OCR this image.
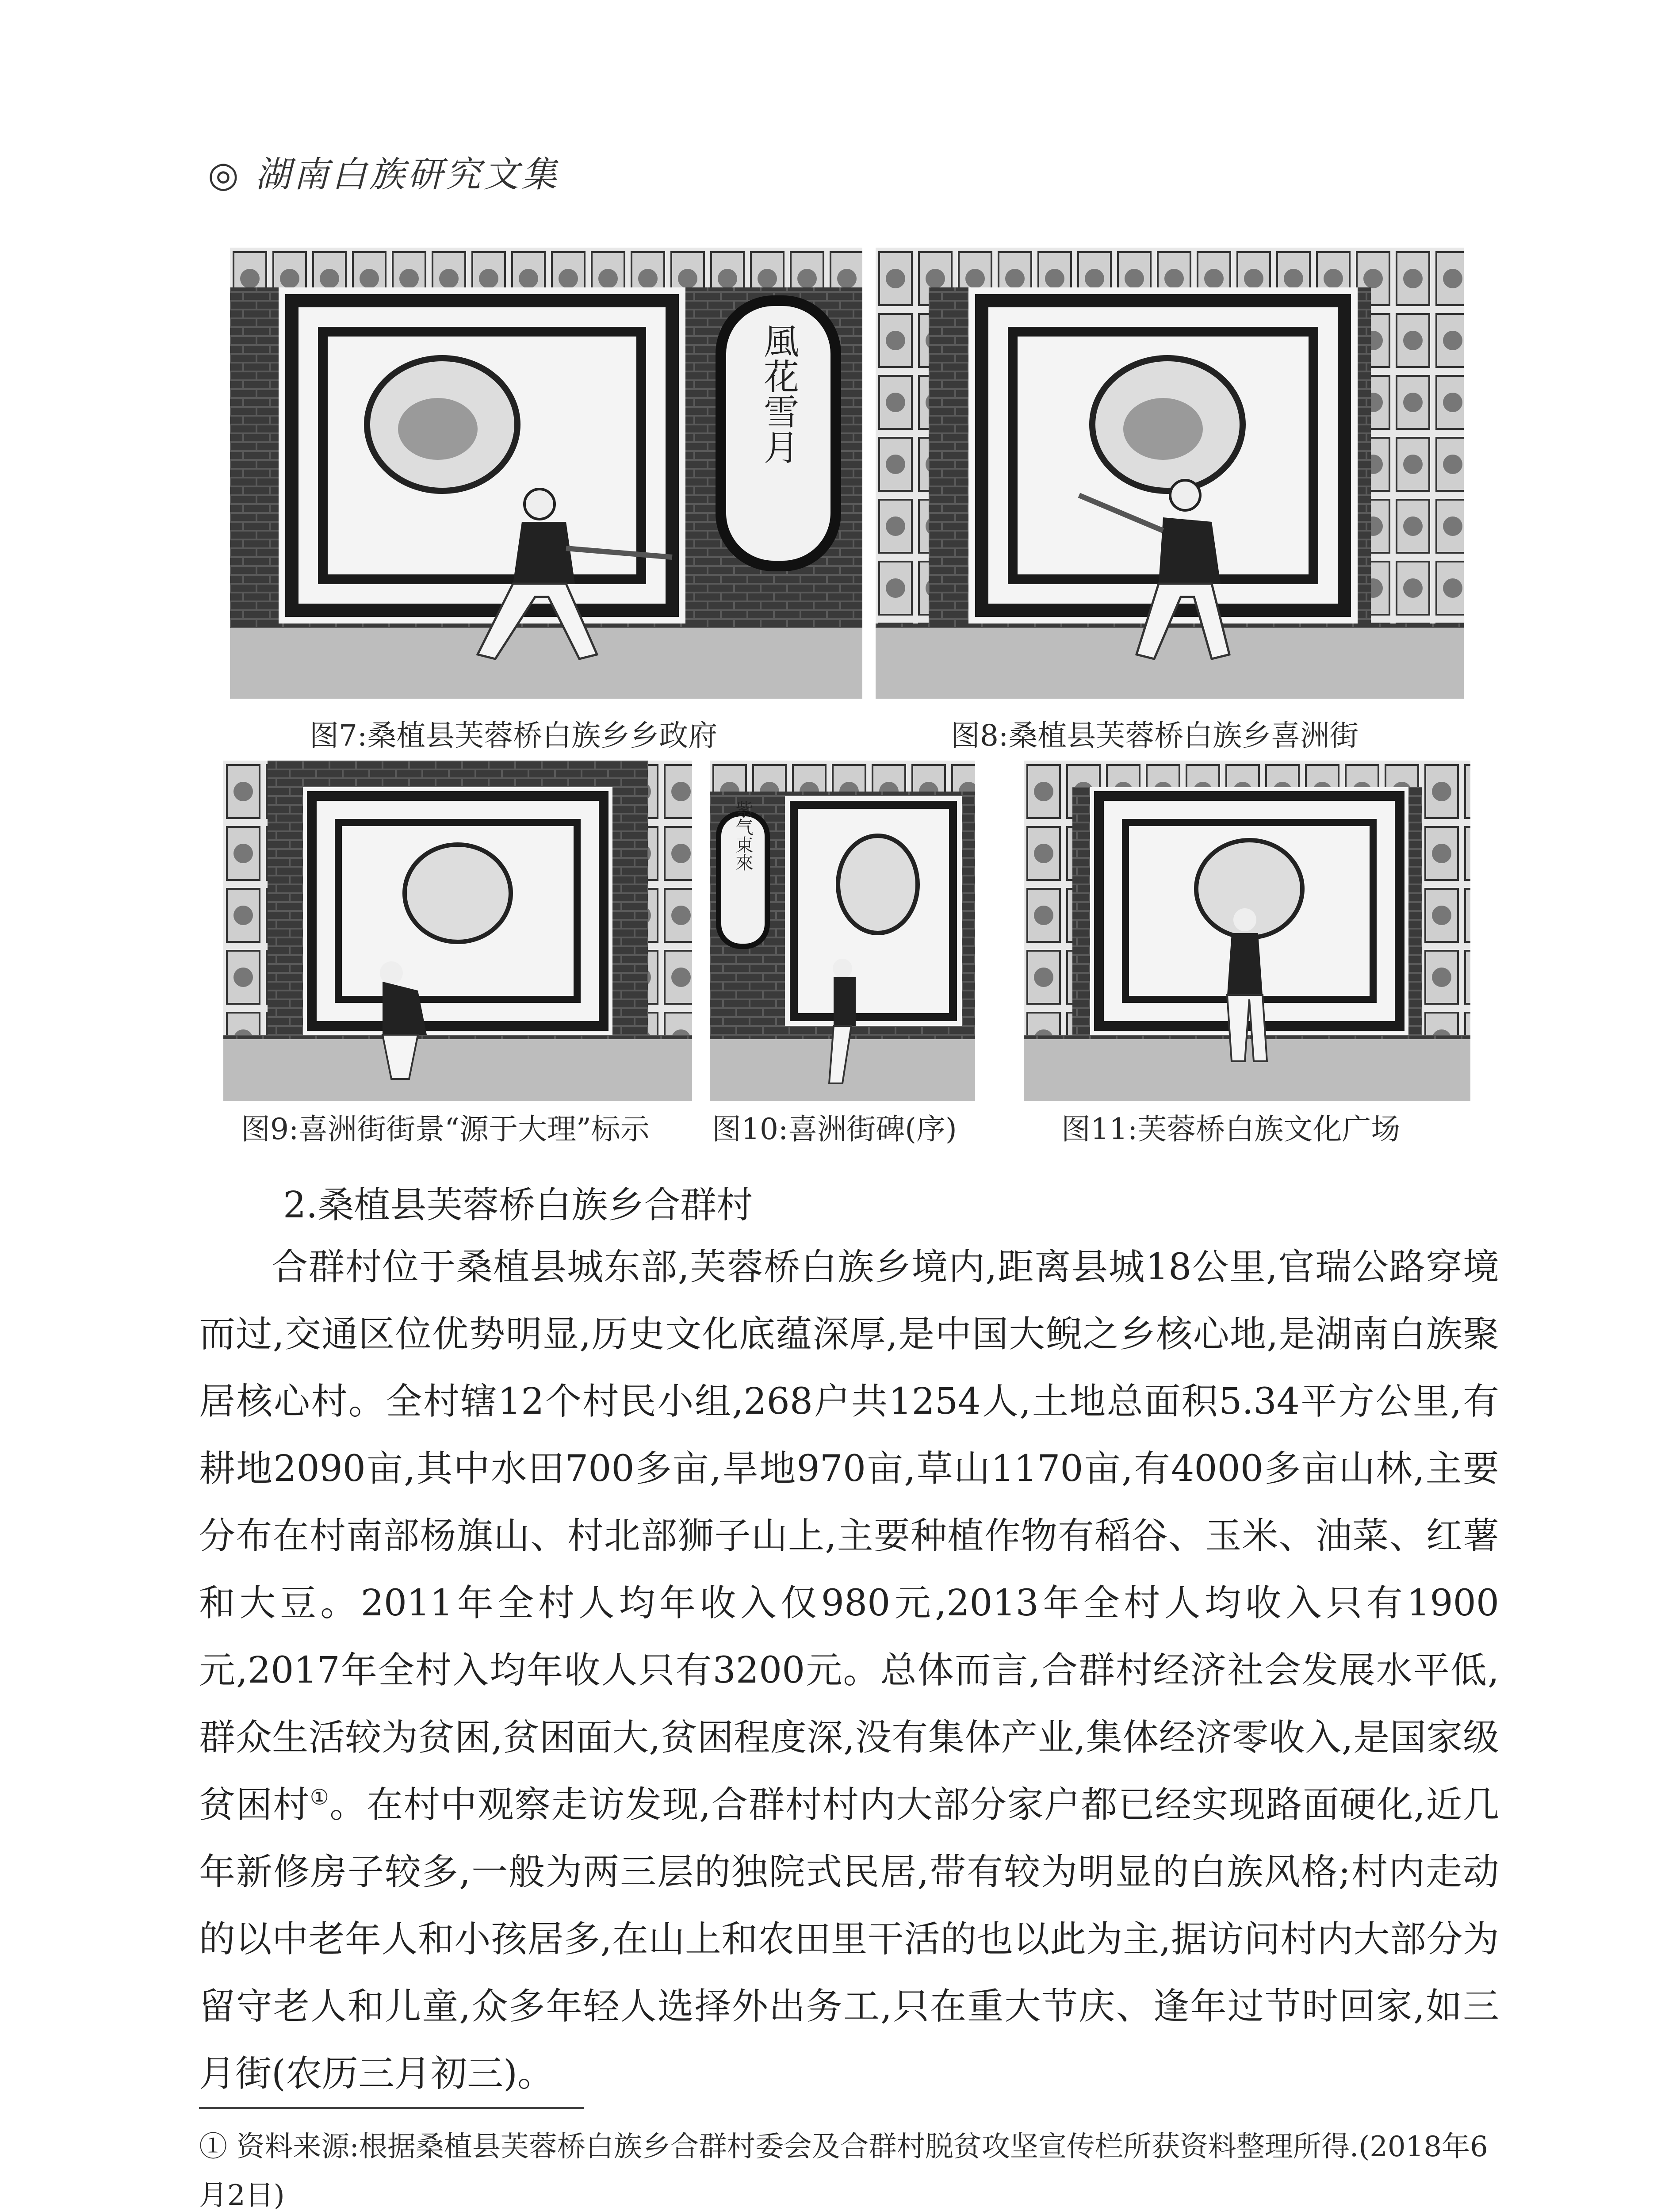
◎ 湖南白族研究文集
風花雪月
图7:桑植县芙蓉桥白族乡乡政府	图8:桑植县芙蓉桥白族乡喜洲街
图9:喜洲街街景“源于大理”标示
紫气東來
图10:喜洲街碑(序)	图11:芙蓉桥白族文化广场
2.桑植县芙蓉桥白族乡合群村

合群村位于桑植县城东部,芙蓉桥白族乡境内,距离县城18公里,官瑞公路穿境而过,交通区位优势明显,历史文化底蕴深厚,是中国大鲵之乡核心地,是湖南白族聚居核心村。全村辖12个村民小组,268户共1254人,土地总面积5.34平方公里,有耕地2090亩,其中水田700多亩,旱地970亩,草山1170亩,有4000多亩山林,主要分布在村南部杨旗山、村北部狮子山上,主要种植作物有稻谷、玉米、油菜、红薯和大豆。2011年全村人均年收入仅980元,2013年全村人均收入只有1900元,2017年全村入均年收人只有3200元。总体而言,合群村经济社会发展水平低,群众生活较为贫困,贫困面大,贫困程度深,没有集体产业,集体经济零收入,是国家级贫困村①。在村中观察走访发现,合群村村内大部分家户都已经实现路面硬化,近几年新修房子较多,一般为两三层的独院式民居,带有较为明显的白族风格;村内走动的以中老年人和小孩居多,在山上和农田里干活的也以此为主,据访问村内大部分为留守老人和儿童,众多年轻人选择外出务工,只在重大节庆、逢年过节时回家,如三月街(农历三月初三)。

① 资料来源:根据桑植县芙蓉桥白族乡合群村委会及合群村脱贫攻坚宣传栏所获资料整理所得.(2018年6月2日)
